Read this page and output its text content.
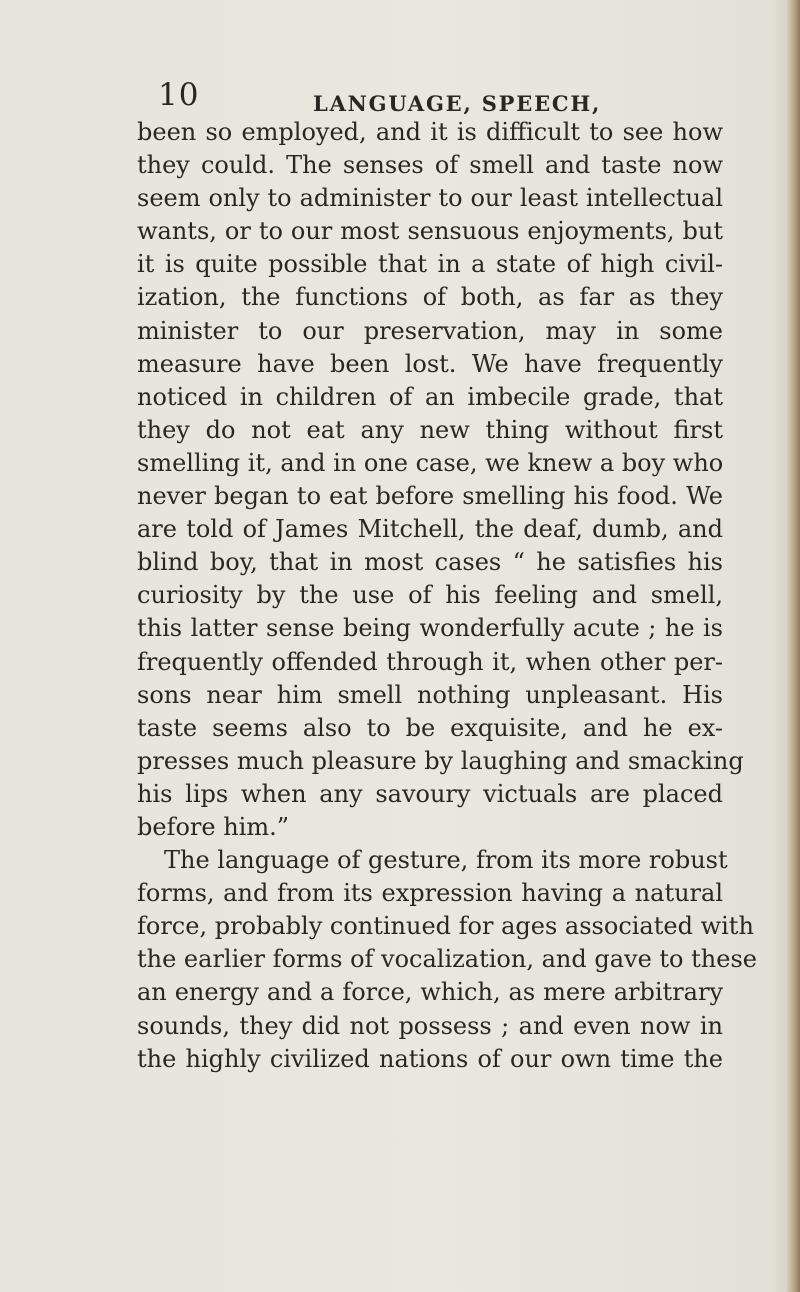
10	LANGUAGE, SPEECH,
been so employed, and it is difficult to see how
they could. The senses of smell and taste now
seem only to administer to our least intellectual
wants, or to our most sensuous enjoyments, but
it is quite possible that in a state of high civil-
ization, the functions of both, as far as they
minister to our preservation, may in some
measure have been lost. We have frequently
noticed in children of an imbecile grade, that
they do not eat any new thing without first
smelling it, and in one case, we knew a boy who
never began to eat before smelling his food. We
are told of James Mitchell, the deaf, dumb, and
blind boy, that in most cases “ he satisfies his
curiosity by the use of his feeling and smell,
this latter sense being wonderfully acute ; he is
frequently offended through it, when other per-
sons near him smell nothing unpleasant. His
taste seems also to be exquisite, and he ex-
presses much pleasure by laughing and smacking
his lips when any savoury victuals are placed
before him.”
The language of gesture, from its more robust
forms, and from its expression having a natural
force, probably continued for ages associated with
the earlier forms of vocalization, and gave to these
an energy and a force, which, as mere arbitrary
sounds, they did not possess ; and even now in
the highly civilized nations of our own time the
